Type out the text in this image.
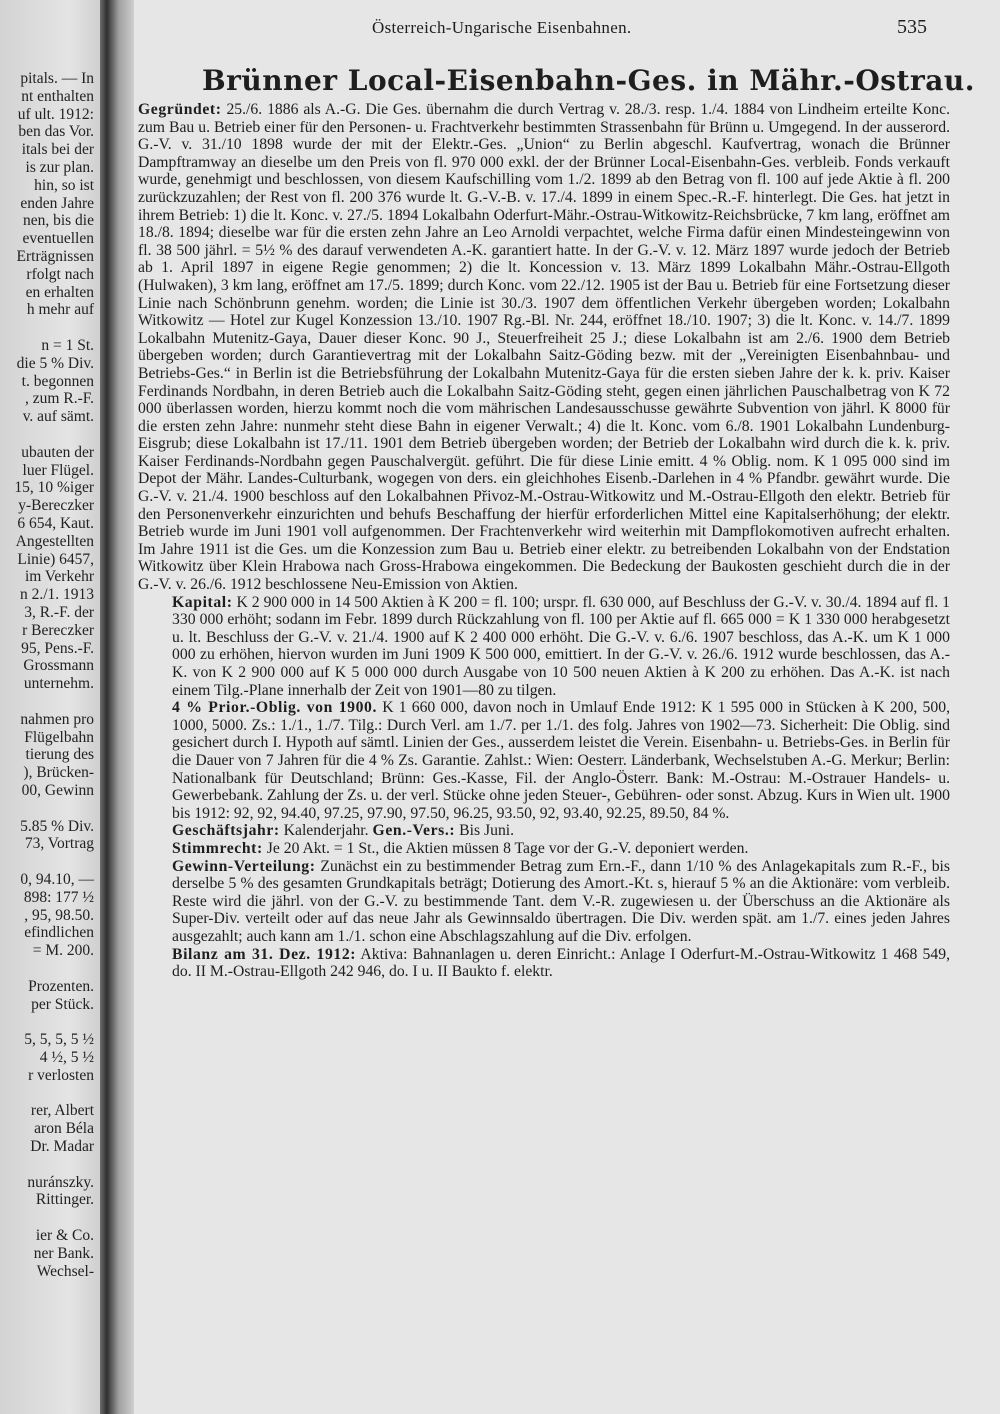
pitals. — In
nt enthalten
uf ult. 1912:
ben das Vor.
itals bei der
is zur plan.
hin, so ist
enden Jahre
nen, bis die
eventuellen
Erträgnissen
rfolgt nach
en erhalten
h mehr auf
n = 1 St.
die 5 % Div.
t. begonnen
, zum R.-F.
v. auf sämt.
ubauten der
luer Flügel.
15, 10 %iger
y-Bereczker
6 654, Kaut.
Angestellten
Linie) 6457,
im Verkehr
n 2./1. 1913
3, R.-F. der
r Bereczker
95, Pens.-F.
Grossmann
unternehm.
nahmen pro
Flügelbahn
tierung des
), Brücken-
00, Gewinn
5.85 % Div.
73, Vortrag
0, 94.10, —
898: 177 ½
, 95, 98.50.
efindlichen
= M. 200.
Prozenten.
per Stück.
5, 5, 5, 5 ½
4 ½, 5 ½
r verlosten
rer, Albert
aron Béla
Dr. Madar
nuránszky.
Rittinger.
ier & Co.
ner Bank.
Wechsel-
Österreich-Ungarische Eisenbahnen.	535
Brünner Local-Eisenbahn-Ges. in Mähr.-Ostrau.

Gegründet: 25./6. 1886 als A.-G. Die Ges. übernahm die durch Vertrag v. 28./3. resp. 1./4. 1884 von Lindheim erteilte Konc. zum Bau u. Betrieb einer für den Personen- u. Frachtverkehr bestimmten Strassenbahn für Brünn u. Umgegend. In der ausserord. G.-V. v. 31./10 1898 wurde der mit der Elektr.-Ges. „Union“ zu Berlin abgeschl. Kaufvertrag, wonach die Brünner Dampftramway an dieselbe um den Preis von fl. 970 000 exkl. der der Brünner Local-Eisenbahn-Ges. verbleib. Fonds verkauft wurde, genehmigt und beschlossen, von diesem Kaufschilling vom 1./2. 1899 ab den Betrag von fl. 100 auf jede Aktie à fl. 200 zurückzuzahlen; der Rest von fl. 200 376 wurde lt. G.-V.-B. v. 17./4. 1899 in einem Spec.-R.-F. hinterlegt. Die Ges. hat jetzt in ihrem Betrieb: 1) die lt. Konc. v. 27./5. 1894 Lokalbahn Oderfurt-Mähr.-Ostrau-Witkowitz-Reichsbrücke, 7 km lang, eröffnet am 18./8. 1894; dieselbe war für die ersten zehn Jahre an Leo Arnoldi verpachtet, welche Firma dafür einen Mindesteingewinn von fl. 38 500 jährl. = 5½ % des darauf verwendeten A.-K. garantiert hatte. In der G.-V. v. 12. März 1897 wurde jedoch der Betrieb ab 1. April 1897 in eigene Regie genommen; 2) die lt. Koncession v. 13. März 1899 Lokalbahn Mähr.-Ostrau-Ellgoth (Hulwaken), 3 km lang, eröffnet am 17./5. 1899; durch Konc. vom 22./12. 1905 ist der Bau u. Betrieb für eine Fortsetzung dieser Linie nach Schönbrunn genehm. worden; die Linie ist 30./3. 1907 dem öffentlichen Verkehr übergeben worden; Lokalbahn Witkowitz — Hotel zur Kugel Konzession 13./10. 1907 Rg.-Bl. Nr. 244, eröffnet 18./10. 1907; 3) die lt. Konc. v. 14./7. 1899 Lokalbahn Mutenitz-Gaya, Dauer dieser Konc. 90 J., Steuerfreiheit 25 J.; diese Lokalbahn ist am 2./6. 1900 dem Betrieb übergeben worden; durch Garantievertrag mit der Lokalbahn Saitz-Göding bezw. mit der „Vereinigten Eisenbahnbau- und Betriebs-Ges.“ in Berlin ist die Betriebsführung der Lokalbahn Mutenitz-Gaya für die ersten sieben Jahre der k. k. priv. Kaiser Ferdinands Nordbahn, in deren Betrieb auch die Lokalbahn Saitz-Göding steht, gegen einen jährlichen Pauschalbetrag von K 72 000 überlassen worden, hierzu kommt noch die vom mährischen Landesausschusse gewährte Subvention von jährl. K 8000 für die ersten zehn Jahre: nunmehr steht diese Bahn in eigener Verwalt.; 4) die lt. Konc. vom 6./8. 1901 Lokalbahn Lundenburg-Eisgrub; diese Lokalbahn ist 17./11. 1901 dem Betrieb übergeben worden; der Betrieb der Lokalbahn wird durch die k. k. priv. Kaiser Ferdinands-Nordbahn gegen Pauschalvergüt. geführt. Die für diese Linie emitt. 4 % Oblig. nom. K 1 095 000 sind im Depot der Mähr. Landes-Culturbank, wogegen von ders. ein gleichhohes Eisenb.-Darlehen in 4 % Pfandbr. gewährt wurde. Die G.-V. v. 21./4. 1900 beschloss auf den Lokalbahnen Přivoz-M.-Ostrau-Witkowitz und M.-Ostrau-Ellgoth den elektr. Betrieb für den Personenverkehr einzurichten und behufs Beschaffung der hierfür erforderlichen Mittel eine Kapitalserhöhung; der elektr. Betrieb wurde im Juni 1901 voll aufgenommen. Der Frachtenverkehr wird weiterhin mit Dampflokomotiven aufrecht erhalten. Im Jahre 1911 ist die Ges. um die Konzession zum Bau u. Betrieb einer elektr. zu betreibenden Lokalbahn von der Endstation Witkowitz über Klein Hrabowa nach Gross-Hrabowa eingekommen. Die Bedeckung der Baukosten geschieht durch die in der G.-V. v. 26./6. 1912 beschlossene Neu-Emission von Aktien.

Kapital: K 2 900 000 in 14 500 Aktien à K 200 = fl. 100; urspr. fl. 630 000, auf Beschluss der G.-V. v. 30./4. 1894 auf fl. 1 330 000 erhöht; sodann im Febr. 1899 durch Rückzahlung von fl. 100 per Aktie auf fl. 665 000 = K 1 330 000 herabgesetzt u. lt. Beschluss der G.-V. v. 21./4. 1900 auf K 2 400 000 erhöht. Die G.-V. v. 6./6. 1907 beschloss, das A.-K. um K 1 000 000 zu erhöhen, hiervon wurden im Juni 1909 K 500 000, emittiert. In der G.-V. v. 26./6. 1912 wurde beschlossen, das A.-K. von K 2 900 000 auf K 5 000 000 durch Ausgabe von 10 500 neuen Aktien à K 200 zu erhöhen. Das A.-K. ist nach einem Tilg.-Plane innerhalb der Zeit von 1901—80 zu tilgen.

4 % Prior.-Oblig. von 1900. K 1 660 000, davon noch in Umlauf Ende 1912: K 1 595 000 in Stücken à K 200, 500, 1000, 5000. Zs.: 1./1., 1./7. Tilg.: Durch Verl. am 1./7. per 1./1. des folg. Jahres von 1902—73. Sicherheit: Die Oblig. sind gesichert durch I. Hypoth auf sämtl. Linien der Ges., ausserdem leistet die Verein. Eisenbahn- u. Betriebs-Ges. in Berlin für die Dauer von 7 Jahren für die 4 % Zs. Garantie. Zahlst.: Wien: Oesterr. Länderbank, Wechselstuben A.-G. Merkur; Berlin: Nationalbank für Deutschland; Brünn: Ges.-Kasse, Fil. der Anglo-Österr. Bank: M.-Ostrau: M.-Ostrauer Handels- u. Gewerbebank. Zahlung der Zs. u. der verl. Stücke ohne jeden Steuer-, Gebühren- oder sonst. Abzug. Kurs in Wien ult. 1900 bis 1912: 92, 92, 94.40, 97.25, 97.90, 97.50, 96.25, 93.50, 92, 93.40, 92.25, 89.50, 84 %.

Geschäftsjahr: Kalenderjahr. Gen.-Vers.: Bis Juni.

Stimmrecht: Je 20 Akt. = 1 St., die Aktien müssen 8 Tage vor der G.-V. deponiert werden.

Gewinn-Verteilung: Zunächst ein zu bestimmender Betrag zum Ern.-F., dann 1/10 % des Anlagekapitals zum R.-F., bis derselbe 5 % des gesamten Grundkapitals beträgt; Dotierung des Amort.-Kt. s, hierauf 5 % an die Aktionäre: vom verbleib. Reste wird die jährl. von der G.-V. zu bestimmende Tant. dem V.-R. zugewiesen u. der Überschuss an die Aktionäre als Super-Div. verteilt oder auf das neue Jahr als Gewinnsaldo übertragen. Die Div. werden spät. am 1./7. eines jeden Jahres ausgezahlt; auch kann am 1./1. schon eine Abschlagszahlung auf die Div. erfolgen.

Bilanz am 31. Dez. 1912: Aktiva: Bahnanlagen u. deren Einricht.: Anlage I Oderfurt-M.-Ostrau-Witkowitz 1 468 549, do. II M.-Ostrau-Ellgoth 242 946, do. I u. II Baukto f. elektr.
